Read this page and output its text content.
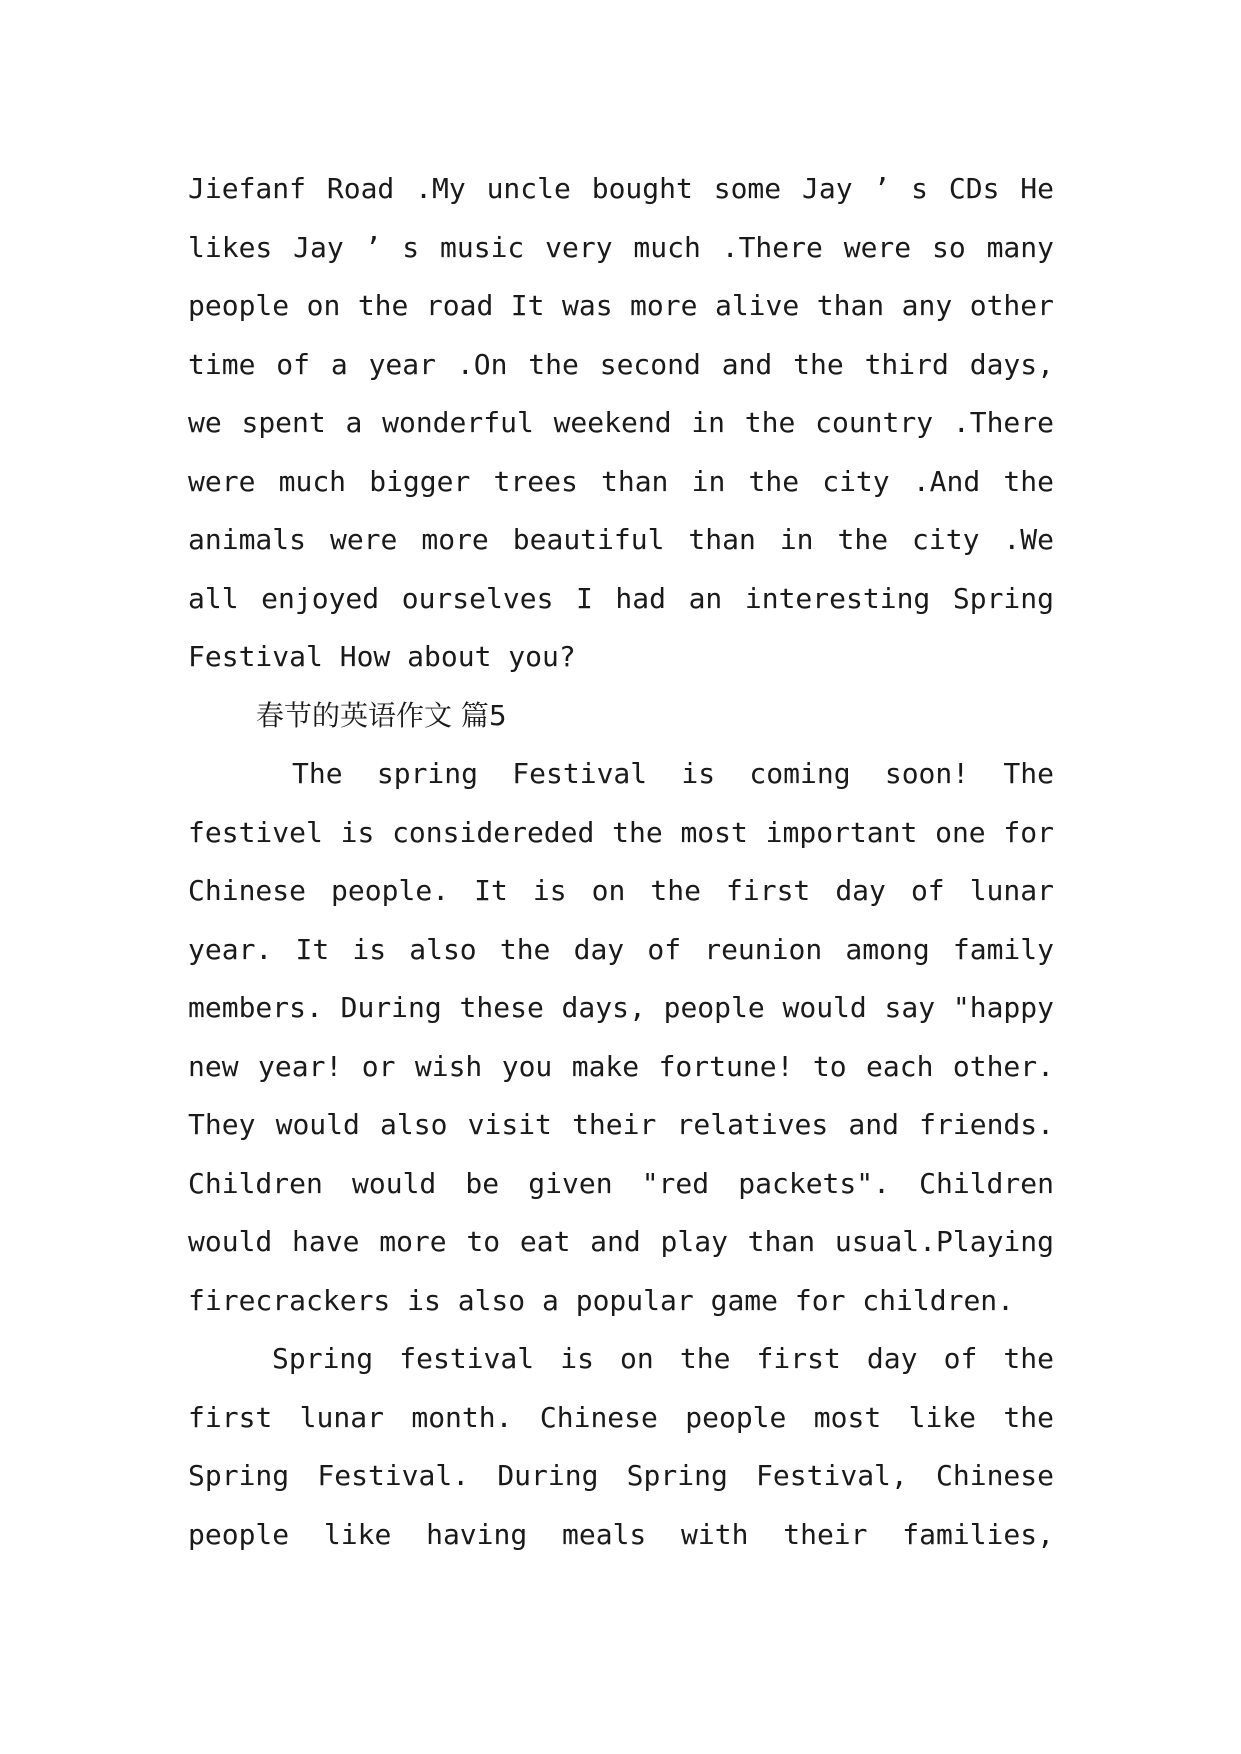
Jiefanf Road .My uncle bought some Jay ’ s CDs He
likes Jay ’ s music very much .There were so many
people on the road It was more alive than any other
time of a year .On the second and the third days,
we spent a wonderful weekend in the country .There
were much bigger trees than in the city .And the
animals were more beautiful than in the city .We
all enjoyed ourselves I had an interesting Spring
Festival How about you?
春节的英语作文 篇5
The spring Festival is coming soon! The
festivel is considereded the most important one for
Chinese people. It is on the first day of lunar
year. It is also the day of reunion among family
members. During these days, people would say "happy
new year! or wish you make fortune! to each other.
They would also visit their relatives and friends.
Children would be given "red packets". Children
would have more to eat and play than usual.Playing
firecrackers is also a popular game for children.
Spring festival is on the first day of the
first lunar month. Chinese people most like the
Spring Festival. During Spring Festival, Chinese
people like having meals with their families,
